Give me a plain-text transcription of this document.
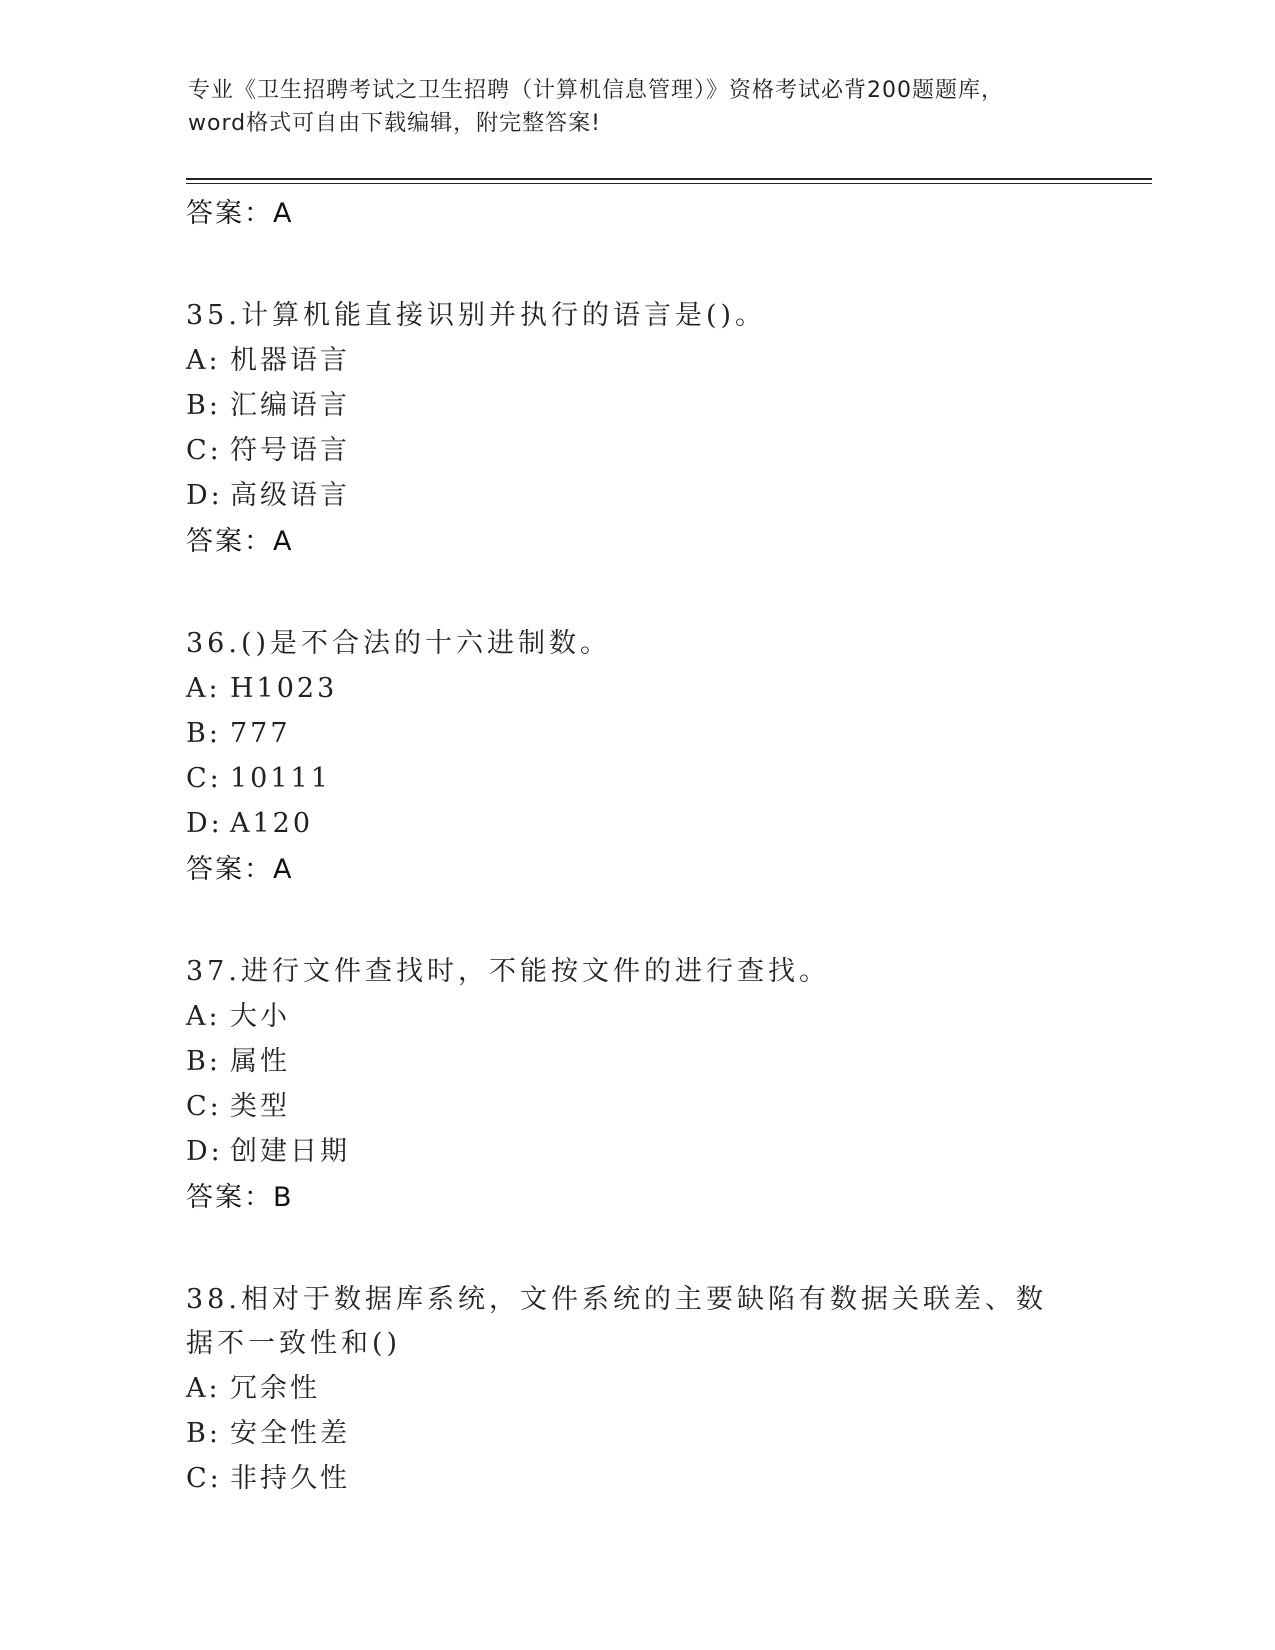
专业《卫生招聘考试之卫生招聘（计算机信息管理）》资格考试必背200题题库，
word格式可自由下载编辑，附完整答案!
答案：A
35.计算机能直接识别并执行的语言是()。
A: 机器语言
B: 汇编语言
C: 符号语言
D: 高级语言
答案：A
36.()是不合法的十六进制数。
A: H1023
B: 777
C: 10111
D: A120
答案：A
37.进行文件查找时，不能按文件的进行查找。
A: 大小
B: 属性
C: 类型
D: 创建日期
答案：B
38.相对于数据库系统，文件系统的主要缺陷有数据关联差、数据不一致性和()
A: 冗余性
B: 安全性差
C: 非持久性
